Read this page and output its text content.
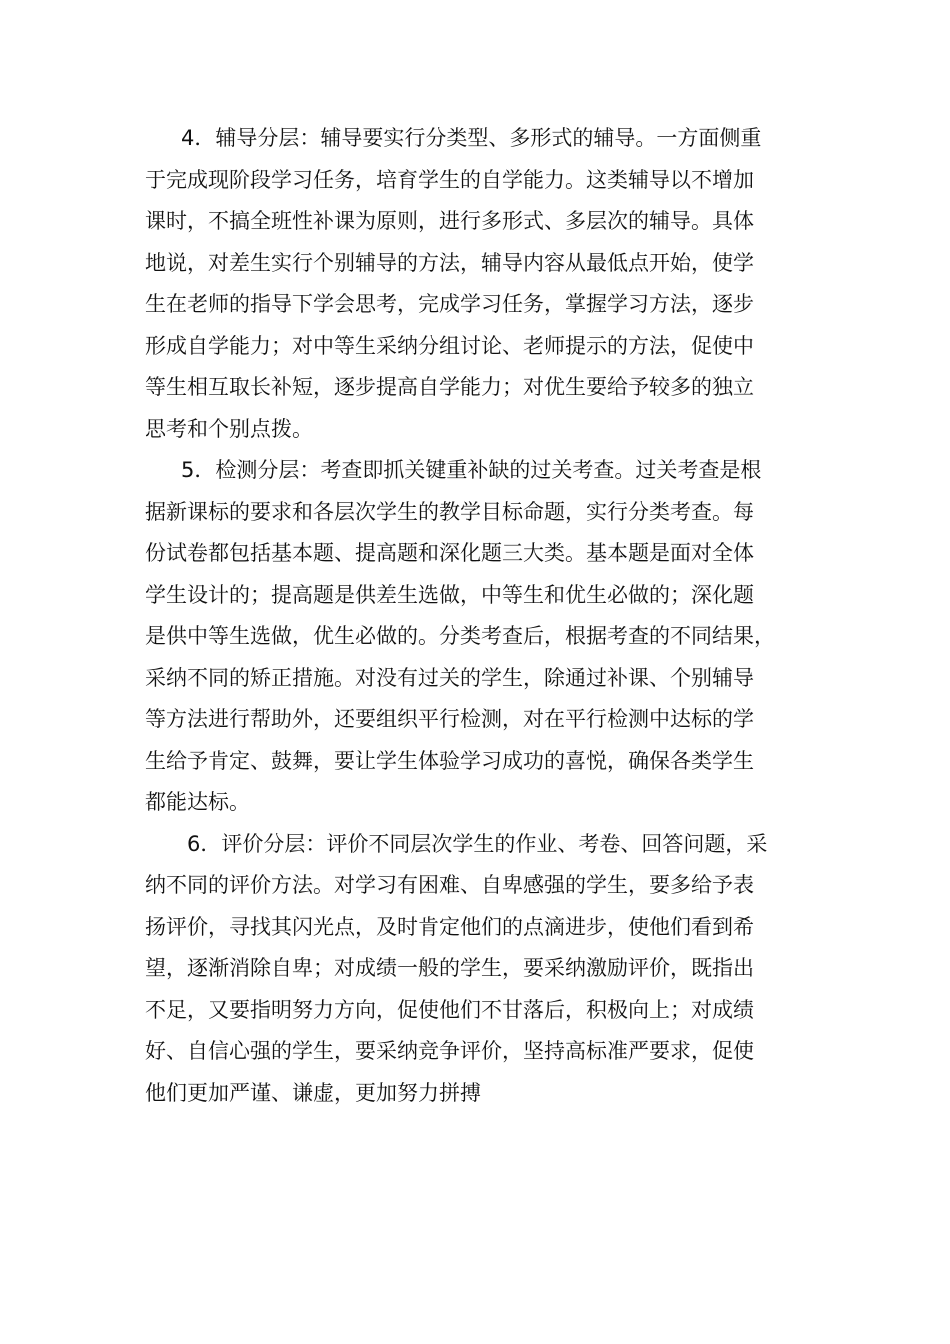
4．辅导分层：辅导要实行分类型、多形式的辅导。一方面侧重
于完成现阶段学习任务，培育学生的自学能力。这类辅导以不增加
课时，不搞全班性补课为原则，进行多形式、多层次的辅导。具体
地说，对差生实行个别辅导的方法，辅导内容从最低点开始，使学
生在老师的指导下学会思考，完成学习任务，掌握学习方法，逐步
形成自学能力；对中等生采纳分组讨论、老师提示的方法，促使中
等生相互取长补短，逐步提高自学能力；对优生要给予较多的独立
思考和个别点拨。
5．检测分层：考查即抓关键重补缺的过关考查。过关考查是根
据新课标的要求和各层次学生的教学目标命题，实行分类考查。每
份试卷都包括基本题、提高题和深化题三大类。基本题是面对全体
学生设计的；提高题是供差生选做，中等生和优生必做的；深化题
是供中等生选做，优生必做的。分类考查后，根据考查的不同结果，
采纳不同的矫正措施。对没有过关的学生，除通过补课、个别辅导
等方法进行帮助外，还要组织平行检测，对在平行检测中达标的学
生给予肯定、鼓舞，要让学生体验学习成功的喜悦，确保各类学生
都能达标。
6．评价分层：评价不同层次学生的作业、考卷、回答问题，采
纳不同的评价方法。对学习有困难、自卑感强的学生，要多给予表
扬评价，寻找其闪光点，及时肯定他们的点滴进步，使他们看到希
望，逐渐消除自卑；对成绩一般的学生，要采纳激励评价，既指出
不足，又要指明努力方向，促使他们不甘落后，积极向上；对成绩
好、自信心强的学生，要采纳竞争评价，坚持高标准严要求，促使
他们更加严谨、谦虚，更加努力拼搏
